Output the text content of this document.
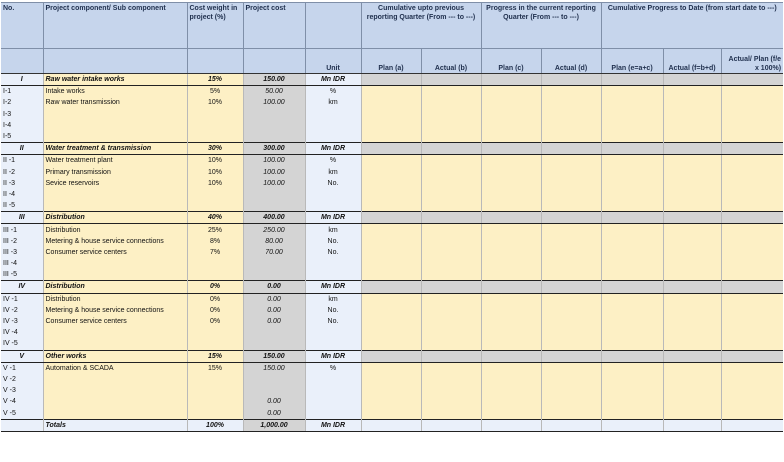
No.	Project component/ Sub component	Cost weight in project (%)	Project cost		Cumulative upto previous reporting Quarter (From --- to ---)		Progress in the current reporting Quarter (From --- to ---)		Cumulative Progress to Date (from start date to ---)		
				Unit	Plan (a)	Actual (b)	Plan (c)	Actual (d)	Plan (e=a+c)	Actual (f=b+d)	Actual/ Plan (f/e x 100%)
I	Raw water intake works	15%	150.00	Mn IDR							
I-1	Intake works	5%	50.00	%							
I-2	Raw water transmission	10%	100.00	km							
I-3											
I-4											
I-5											
II	Water treatment & transmission	30%	300.00	Mn IDR							
II -1	Water treatment plant	10%	100.00	%							
II -2	Primary transmission	10%	100.00	km							
II -3	Sevice reservoirs	10%	100.00	No.							
II -4											
II -5											
III	Distribution	40%	400.00	Mn IDR							
III -1	Distribution	25%	250.00	km							
III -2	Metering & house service connections	8%	80.00	No.							
III -3	Consumer service centers	7%	70.00	No.							
III -4											
III -5											
IV	Distribution	0%	0.00	Mn IDR							
IV -1	Distribution	0%	0.00	km							
IV -2	Metering & house service connections	0%	0.00	No.							
IV -3	Consumer service centers	0%	0.00	No.							
IV -4											
IV -5											
V	Other works	15%	150.00	Mn IDR							
V -1	Automation & SCADA	15%	150.00	%							
V -2											
V -3											
V -4			0.00								
V -5			0.00								
	Totals	100%	1,000.00	Mn IDR							
